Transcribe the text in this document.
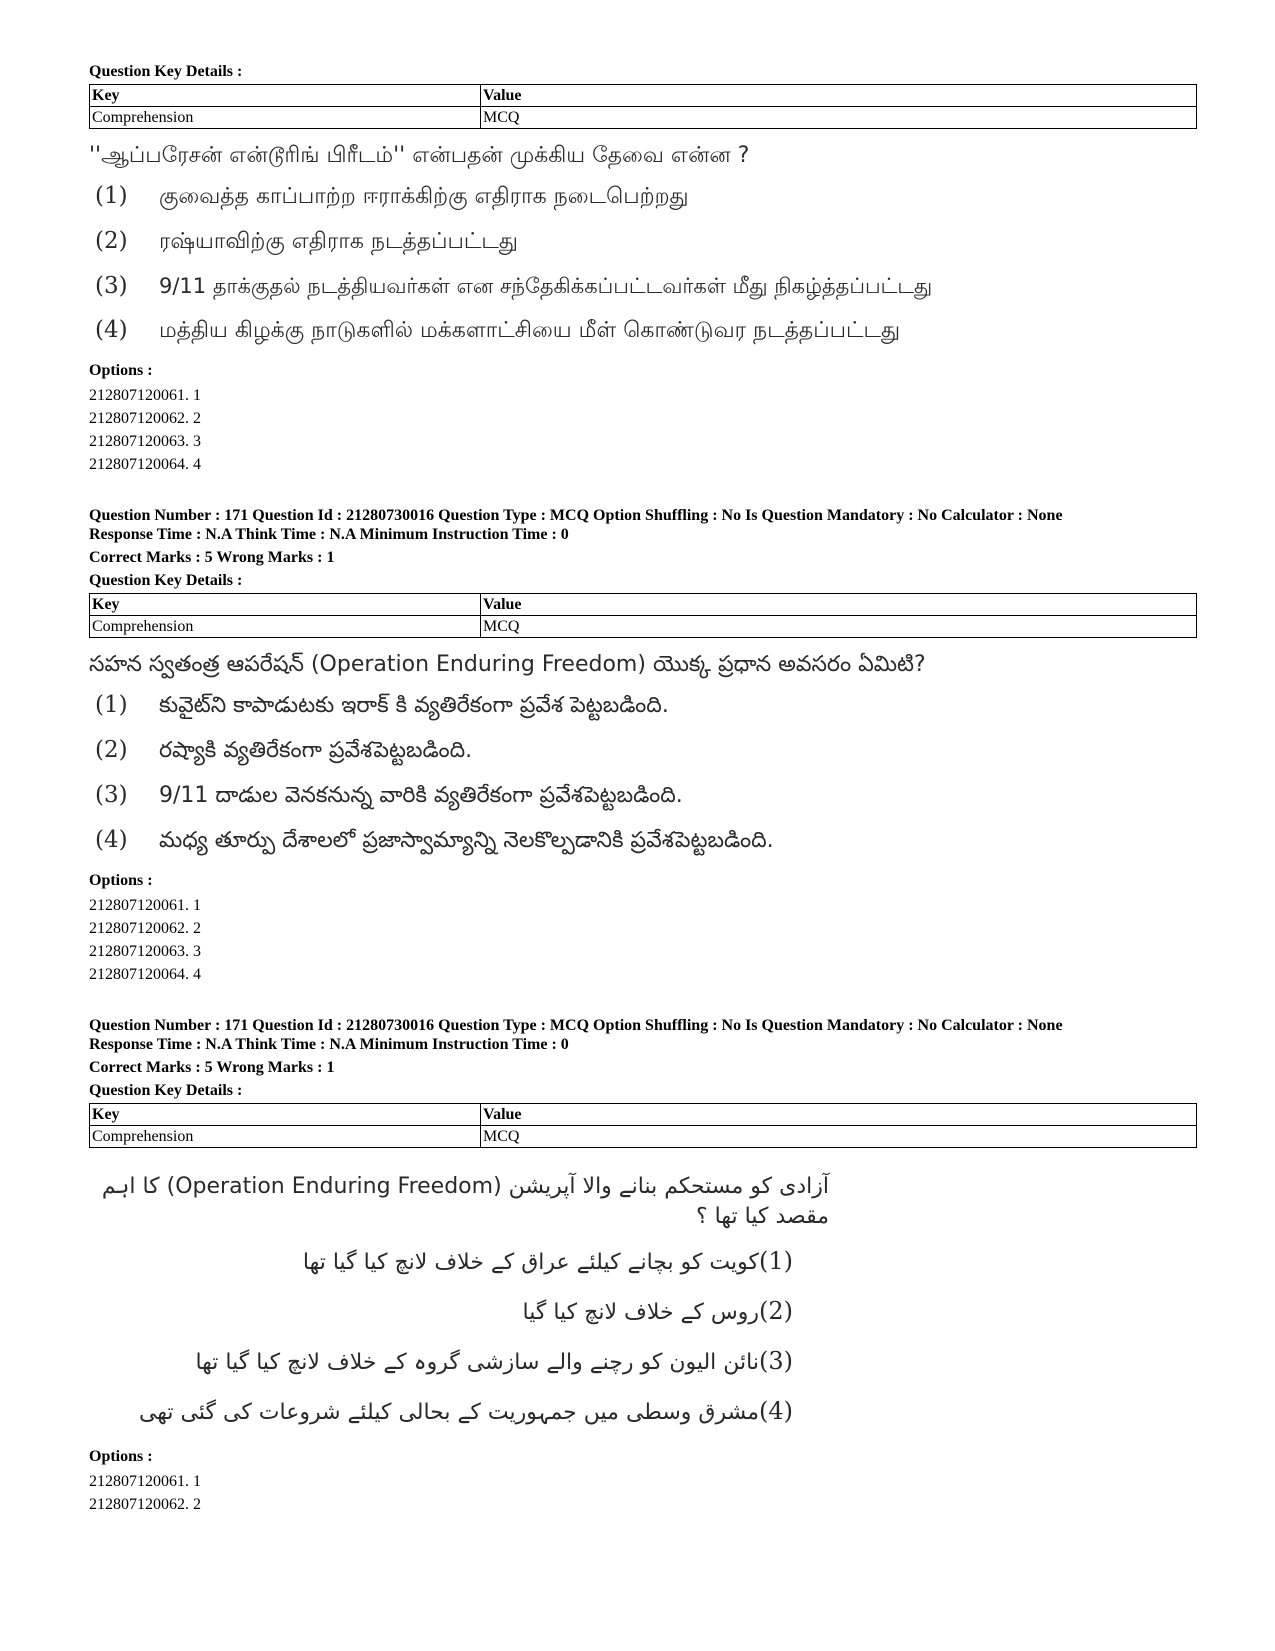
Question Key Details :

Key	Value
Comprehension	MCQ
''ஆப்பரேசன் என்டூரிங் பிரீடம்'' என்பதன் முக்கிய தேவை என்ன ?
(1)	குவைத்த காப்பாற்ற ஈராக்கிற்கு எதிராக நடைபெற்றது
(2)	ரஷ்யாவிற்கு எதிராக நடத்தப்பட்டது
(3)	9/11 தாக்குதல் நடத்தியவர்கள் என சந்தேகிக்கப்பட்டவர்கள் மீது நிகழ்த்தப்பட்டது
(4)	மத்திய கிழக்கு நாடுகளில் மக்களாட்சியை மீள் கொண்டுவர நடத்தப்பட்டது

Options :

212807120061. 1
212807120062. 2
212807120063. 3
212807120064. 4

Question Number : 171 Question Id : 21280730016 Question Type : MCQ Option Shuffling : No Is Question Mandatory : No Calculator : None

Response Time : N.A Think Time : N.A Minimum Instruction Time : 0

Correct Marks : 5 Wrong Marks : 1

Question Key Details :

Key	Value
Comprehension	MCQ
సహన స్వతంత్ర ఆపరేషన్ (Operation Enduring Freedom) యొక్క ప్రధాన అవసరం ఏమిటి?
(1)	కువైట్‌ని కాపాడుటకు ఇరాక్ కి వ్యతిరేకంగా ప్రవేశ పెట్టబడింది.
(2)	రష్యాకి వ్యతిరేకంగా ప్రవేశపెట్టబడింది.
(3)	9/11 దాడుల వెనకనున్న వారికి వ్యతిరేకంగా ప్రవేశపెట్టబడింది.
(4)	మధ్య తూర్పు దేశాలలో ప్రజాస్వామ్యాన్ని నెలకొల్పడానికి ప్రవేశపెట్టబడింది.

Options :

212807120061. 1
212807120062. 2
212807120063. 3
212807120064. 4

Question Number : 171 Question Id : 21280730016 Question Type : MCQ Option Shuffling : No Is Question Mandatory : No Calculator : None

Response Time : N.A Think Time : N.A Minimum Instruction Time : 0

Correct Marks : 5 Wrong Marks : 1

Question Key Details :

Key	Value
Comprehension	MCQ
آزادی کو مستحکم بنانے والا آپریشن (Operation Enduring Freedom) کا اہم مقصد کیا تھا ؟
(1)
کویت کو بچانے کیلئے عراق کے خلاف لانچ کیا گیا تھا
(2)
روس کے خلاف لانچ کیا گیا
(3)
نائن الیون کو رچنے والے سازشی گروہ کے خلاف لانچ کیا گیا تھا
(4)
مشرق وسطی میں جمہوریت کے بحالی کیلئے شروعات کی گئی تھی

Options :

212807120061. 1
212807120062. 2
